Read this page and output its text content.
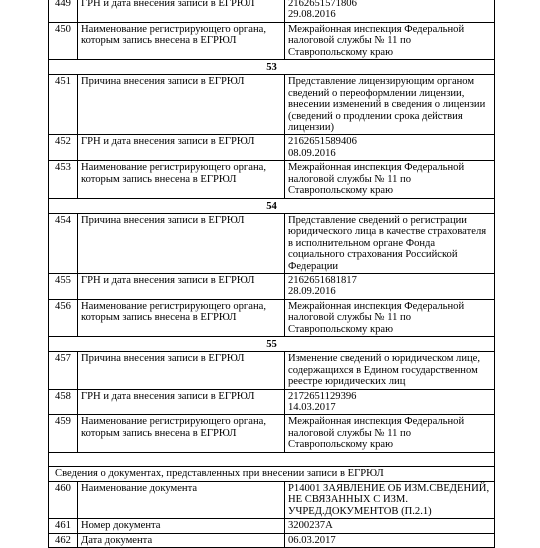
449	ГРН и дата внесения записи в ЕГРЮЛ	2162651571806
29.08.2016

450	Наименование регистрирующего органа, которым запись внесена в ЕГРЮЛ	Межрайонная инспекция Федеральной налоговой службы № 11 по Ставропольскому краю

53		
451	Причина внесения записи в ЕГРЮЛ	Представление лицензирующим органом сведений о переоформлении лицензии, внесении изменений в сведения о лицензии (сведений о продлении срока действия лицензии)

452	ГРН и дата внесения записи в ЕГРЮЛ	2162651589406
08.09.2016

453	Наименование регистрирующего органа, которым запись внесена в ЕГРЮЛ	Межрайонная инспекция Федеральной налоговой службы № 11 по Ставропольскому краю

54		
454	Причина внесения записи в ЕГРЮЛ	Представление сведений о регистрации юридического лица в качестве страхователя в исполнительном органе Фонда социального страхования Российской Федерации

455	ГРН и дата внесения записи в ЕГРЮЛ	2162651681817
28.09.2016

456	Наименование регистрирующего органа, которым запись внесена в ЕГРЮЛ	Межрайонная инспекция Федеральной налоговой службы № 11 по Ставропольскому краю

55		
457	Причина внесения записи в ЕГРЮЛ	Изменение сведений о юридическом лице, содержащихся в Едином государственном реестре юридических лиц

458	ГРН и дата внесения записи в ЕГРЮЛ	2172651129396
14.03.2017

459	Наименование регистрирующего органа, которым запись внесена в ЕГРЮЛ	Межрайонная инспекция Федеральной налоговой службы № 11 по Ставропольскому краю

Сведения о документах, представленных при внесении записи в ЕГРЮЛ		
460	Наименование документа	Р14001 ЗАЯВЛЕНИЕ ОБ ИЗМ.СВЕДЕНИЙ, НЕ СВЯЗАННЫХ С ИЗМ. УЧРЕД.ДОКУМЕНТОВ (П.2.1)

461	Номер документа	3200237А

462	Дата документа	06.03.2017
